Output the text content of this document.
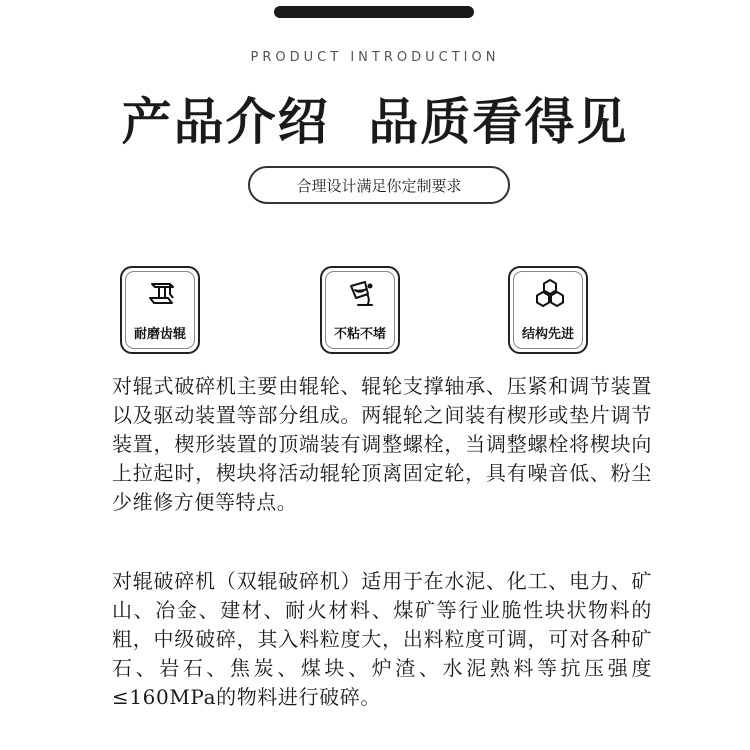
PRODUCT INTRODUCTION
产品介绍  品质看得见
合理设计满足你定制要求
耐磨齿辊	不粘不堵	结构先进
对辊式破碎机主要由辊轮、辊轮支撑轴承、压紧和调节装置以及驱动装置等部分组成。两辊轮之间装有楔形或垫片调节装置，楔形装置的顶端装有调整螺栓，当调整螺栓将楔块向上拉起时，楔块将活动辊轮顶离固定轮，具有噪音低、粉尘少维修方便等特点。
对辊破碎机（双辊破碎机）适用于在水泥、化工、电力、矿山、冶金、建材、耐火材料、煤矿等行业脆性块状物料的粗，中级破碎，其入料粒度大，出料粒度可调，可对各种矿石、岩石、焦炭、煤块、炉渣、水泥熟料等抗压强度≤160MPa的物料进行破碎。
